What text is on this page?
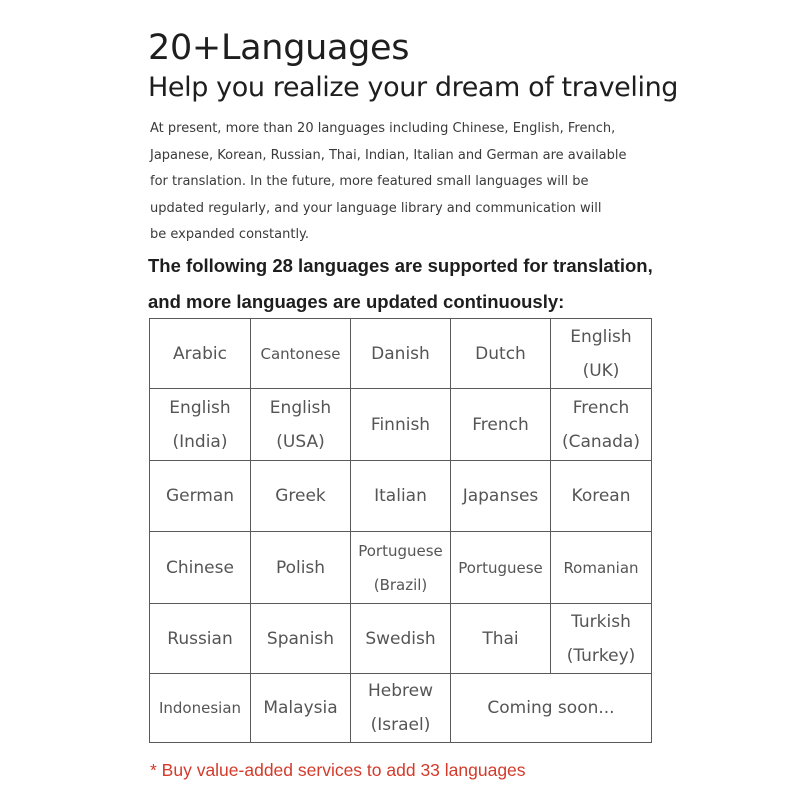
20+Languages
Help you realize your dream of traveling
At present, more than 20 languages including Chinese, English, French,
Japanese, Korean, Russian, Thai, Indian, Italian and German are available
for translation. In the future, more featured small languages will be
updated regularly, and your language library and communication will
be expanded constantly.
The following 28 languages are supported for translation,
and more languages are updated continuously:
Arabic	Cantonese	Danish	Dutch	English
(UK)

English
(India)	English
(USA)	Finnish	French	French
(Canada)

German	Greek	Italian	Japanses	Korean

Chinese	Polish	Portuguese
(Brazil)	Portuguese	Romanian

Russian	Spanish	Swedish	Thai	Turkish
(Turkey)

Indonesian	Malaysia	Hebrew
(Israel)	Coming soon...	
* Buy value-added services to add 33 languages
